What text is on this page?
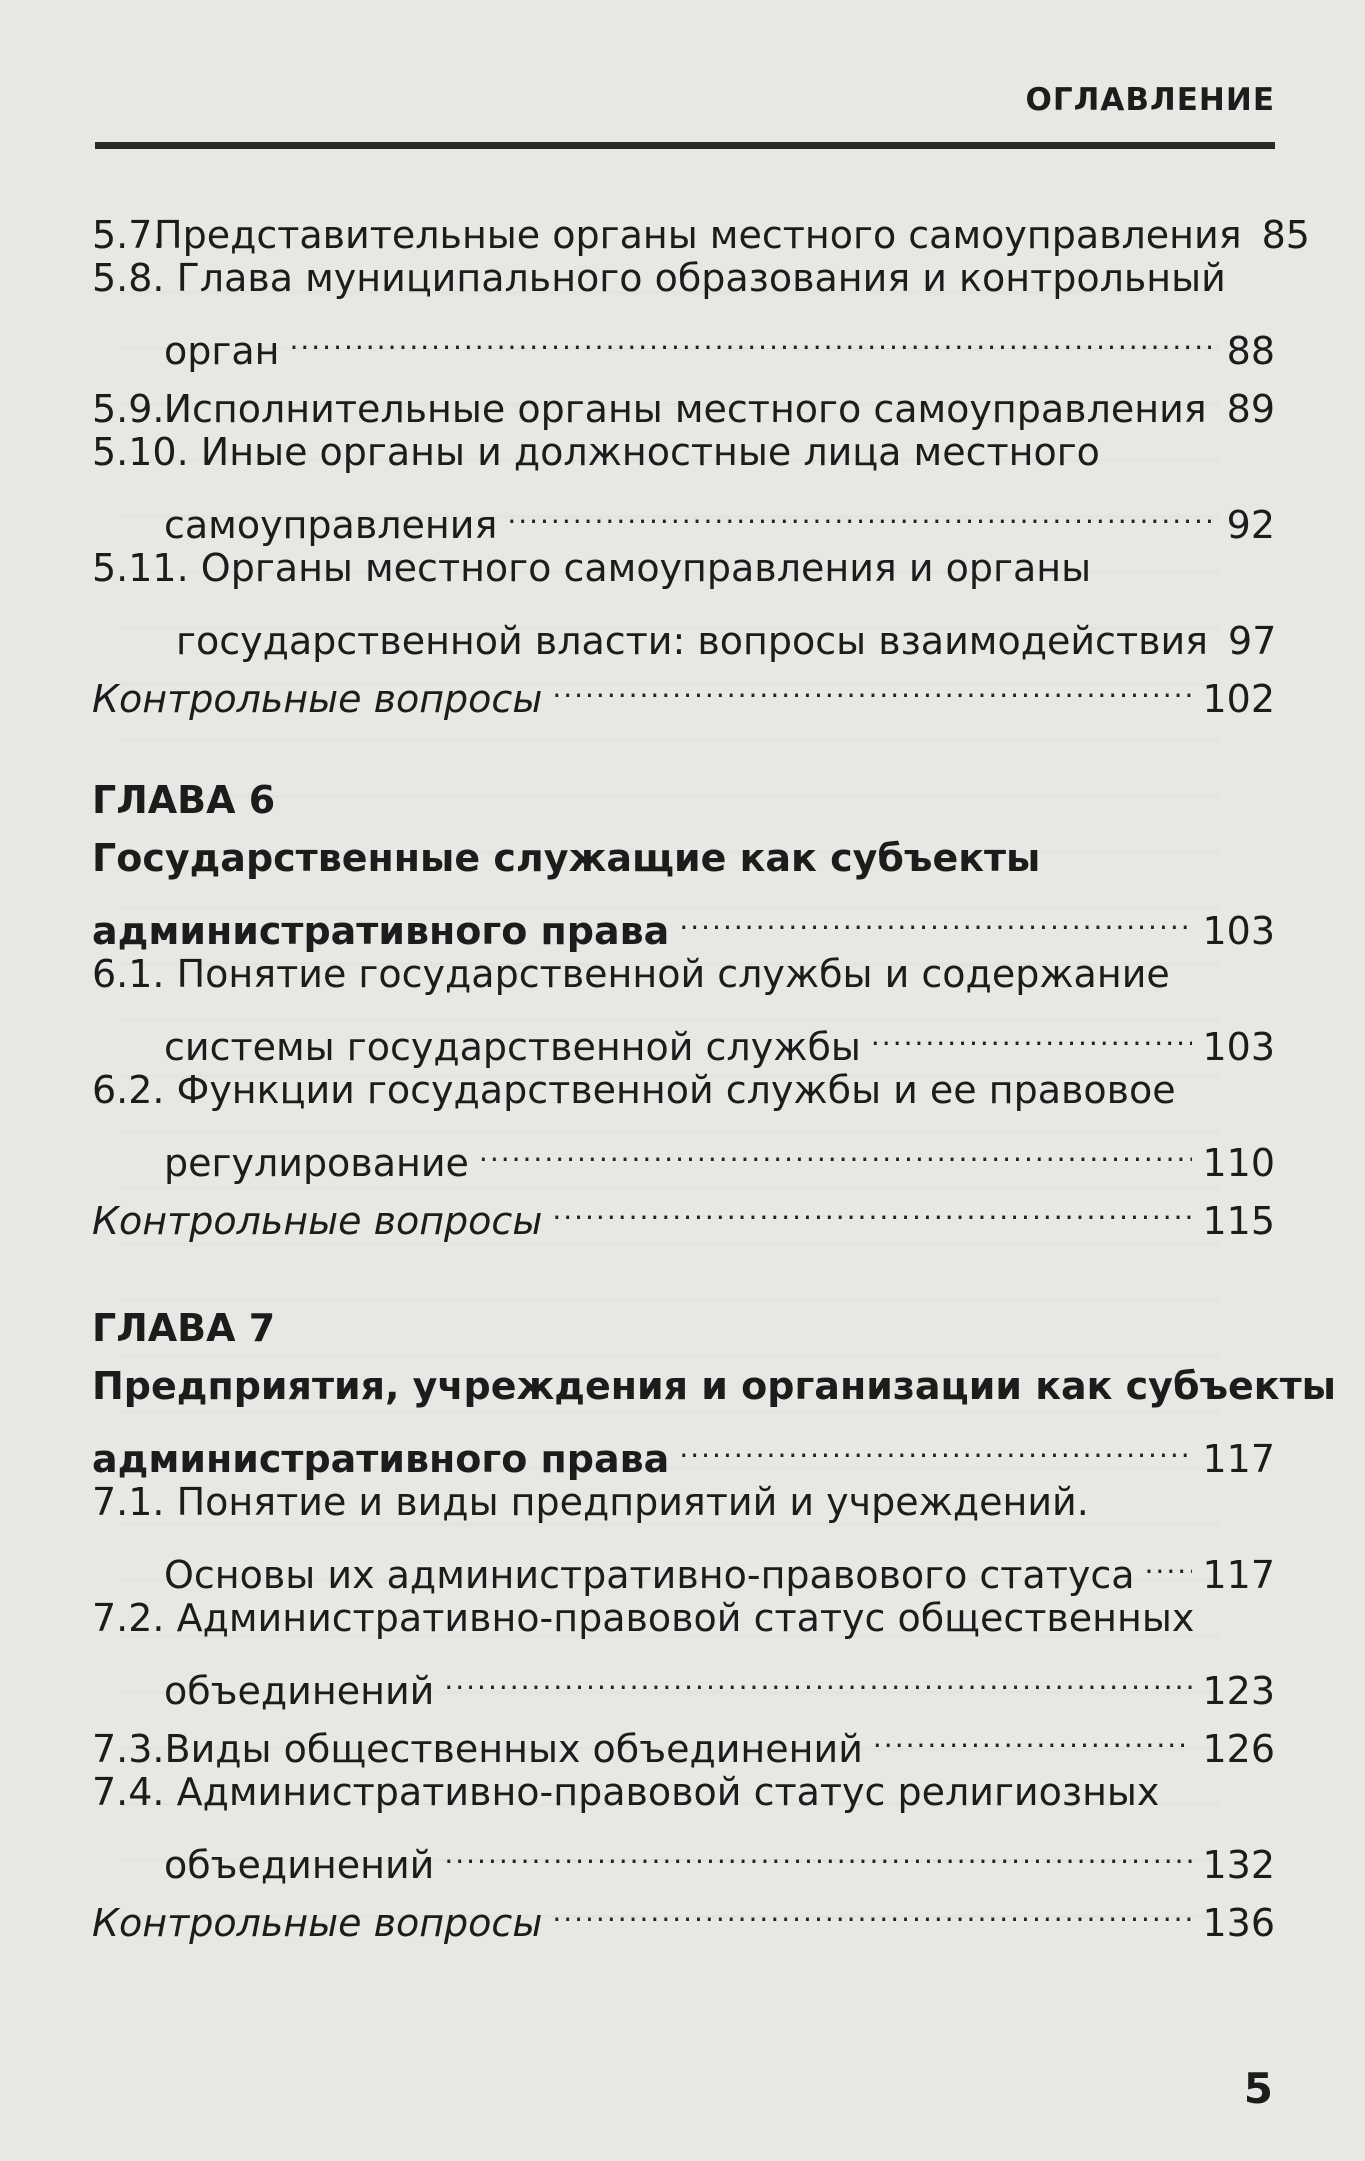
ОГЛАВЛЕНИЕ
5.7.
Представительные органы местного самоуправления 85
5.8. Глава муниципального образования и контрольный
орган .....	88
5.9. Исполнительные органы местного самоуправления 89
5.10. Иные органы и должностные лица местного
самоуправления .....	92
5.11. Органы местного самоуправления и органы
государственной власти: вопросы взаимодействия 97
Контрольные вопросы .....	102
ГЛАВА 6
Государственные служащие как субъекты
административного права .....	103
6.1. Понятие государственной службы и содержание
системы государственной службы .....	103
6.2. Функции государственной службы и ее правовое
регулирование .....	110
Контрольные вопросы .....	115
ГЛАВА 7
Предприятия, учреждения и организации как субъекты
административного права .....	117
7.1. Понятие и виды предприятий и учреждений.
Основы их административно-правового статуса ..... 117
7.2. Административно-правовой статус общественных
объединений .....	123
7.3. Виды общественных объединений .....	126
7.4. Административно-правовой статус религиозных
объединений .....	132
Контрольные вопросы .....	136
5
